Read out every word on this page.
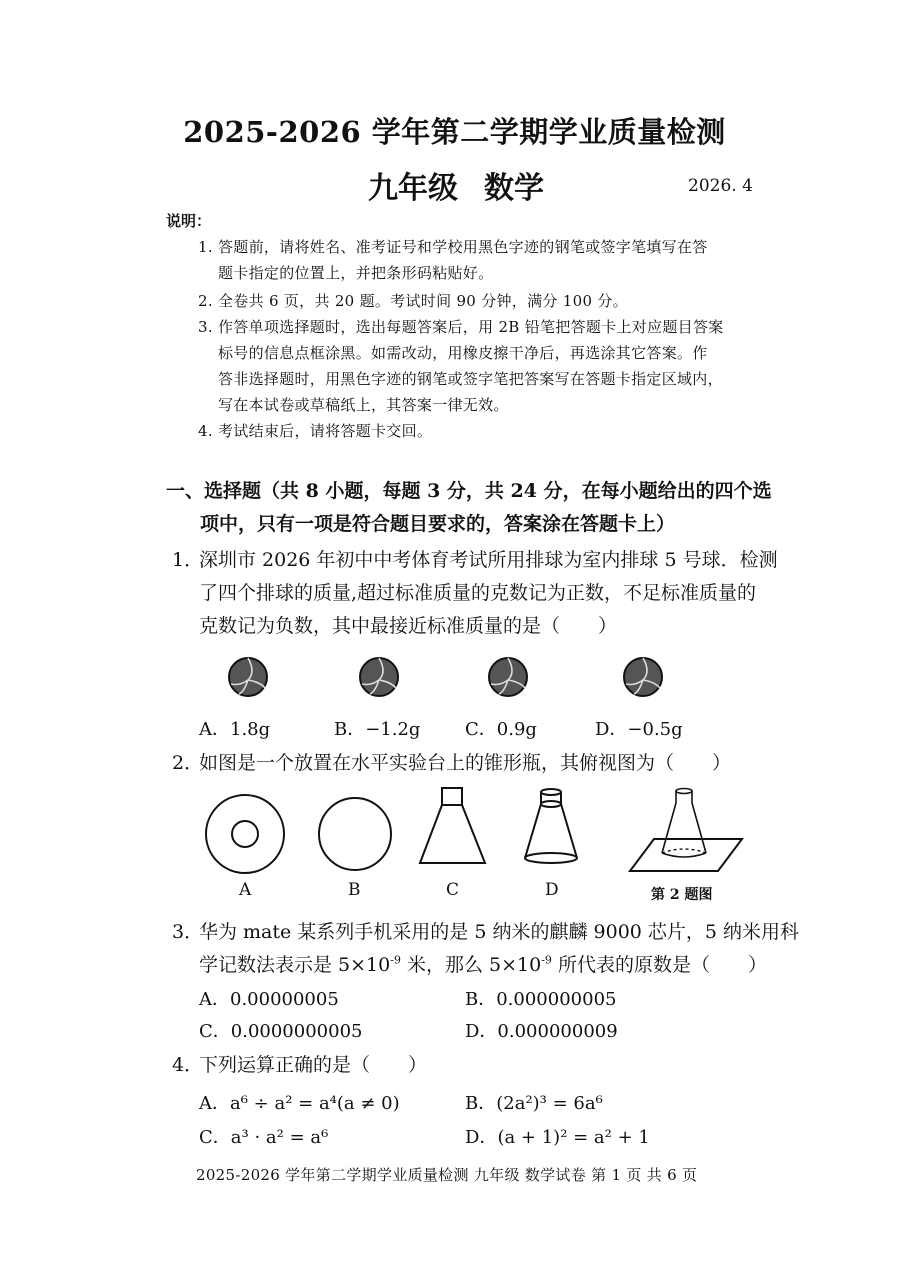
2025-2026 学年第二学期学业质量检测
九年级 数学	2026. 4
说明：
1. 答题前，请将姓名、准考证号和学校用黑色字迹的钢笔或签字笔填写在答
题卡指定的位置上，并把条形码粘贴好。
2. 全卷共 6 页，共 20 题。考试时间 90 分钟，满分 100 分。
3. 作答单项选择题时，选出每题答案后，用 2B 铅笔把答题卡上对应题目答案
标号的信息点框涂黑。如需改动，用橡皮擦干净后，再选涂其它答案。作
答非选择题时，用黑色字迹的钢笔或签字笔把答案写在答题卡指定区域内，
写在本试卷或草稿纸上，其答案一律无效。
4. 考试结束后，请将答题卡交回。
一、选择题（共 8 小题，每题 3 分，共 24 分，在每小题给出的四个选
项中，只有一项是符合题目要求的，答案涂在答题卡上）
1．
深圳市 2026 年初中中考体育考试所用排球为室内排球 5 号球．检测
了四个排球的质量,超过标准质量的克数记为正数，不足标准质量的
克数记为负数，其中最接近标准质量的是（　　）
A．1.8g	B．−1.2g C．0.9g	D．−0.5g
2．
如图是一个放置在水平实验台上的锥形瓶，其俯视图为（　　）
A	B	C	D	第 2 题图
3．
华为 mate 某系列手机采用的是 5 纳米的麒麟 9000 芯片，5 纳米用科
学记数法表示是 $5\times 10^{-9}$ 米，那么 $5\times 10^{-9}$ 所代表的原数是（　　）
A．0.00000005	B．0.000000005
C．0.0000000005	D．0.000000009
4．
下列运算正确的是（　　）
A．a⁶ ÷ a² = a⁴(a ≠ 0)	B．(2a²)³ = 6a⁶
C．a³ · a² = a⁶	D．(a + 1)² = a² + 1
2025-2026 学年第二学期学业质量检测 九年级 数学试卷 第 1 页 共 6 页
